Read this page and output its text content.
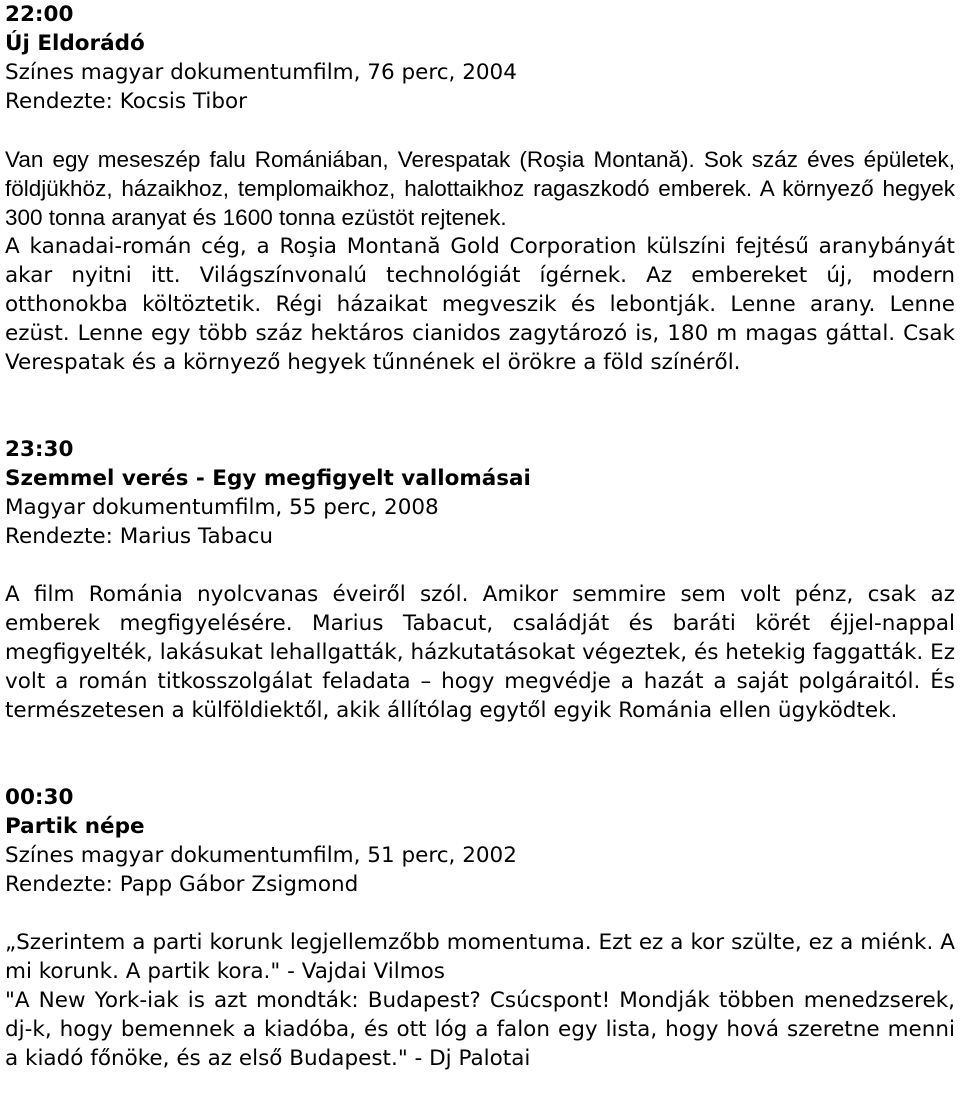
22:00
Új Eldorádó
Színes magyar dokumentumfilm, 76 perc, 2004
Rendezte: Kocsis Tibor
Van egy meseszép falu Romániában, Verespatak (Roşia Montană). Sok száz éves épületek, földjükhöz, házaikhoz, templomaikhoz, halottaikhoz ragaszkodó emberek. A környező hegyek 300 tonna aranyat és 1600 tonna ezüstöt rejtenek.
A kanadai-román cég, a Roşia Montană Gold Corporation külszíni fejtésű aranybányát akar nyitni itt. Világszínvonalú technológiát ígérnek. Az embereket új, modern otthonokba költöztetik. Régi házaikat megveszik és lebontják. Lenne arany. Lenne ezüst. Lenne egy több száz hektáros cianidos zagytározó is, 180 m magas gáttal. Csak Verespatak és a környező hegyek tűnnének el örökre a föld színéről.
23:30
Szemmel verés - Egy megfigyelt vallomásai
Magyar dokumentumfilm, 55 perc, 2008
Rendezte: Marius Tabacu
A film Románia nyolcvanas éveiről szól. Amikor semmire sem volt pénz, csak az emberek megfigyelésére. Marius Tabacut, családját és baráti körét éjjel-nappal megfigyelték, lakásukat lehallgatták, házkutatásokat végeztek, és hetekig faggatták. Ez volt a román titkosszolgálat feladata – hogy megvédje a hazát a saját polgáraitól. És természetesen a külföldiektől, akik állítólag egytől egyik Románia ellen ügyködtek.
00:30
Partik népe
Színes magyar dokumentumfilm, 51 perc, 2002
Rendezte: Papp Gábor Zsigmond
„Szerintem a parti korunk legjellemzőbb momentuma. Ezt ez a kor szülte, ez a miénk. A mi korunk. A partik kora." - Vajdai Vilmos
"A New York-iak is azt mondták: Budapest? Csúcspont! Mondják többen menedzserek, dj-k, hogy bemennek a kiadóba, és ott lóg a falon egy lista, hogy hová szeretne menni a kiadó főnöke, és az első Budapest." - Dj Palotai
